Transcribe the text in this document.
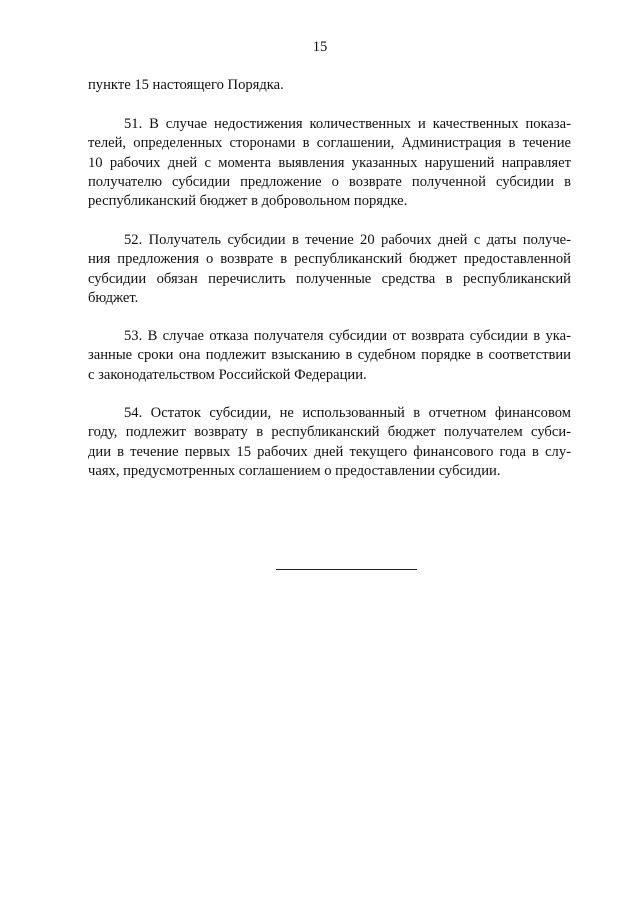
15
пункте 15 настоящего Порядка.
51. В случае недостижения количественных и качественных показа-
телей, определенных сторонами в соглашении, Администрация в течение
10 рабочих дней с момента выявления указанных нарушений направляет
получателю субсидии предложение о возврате полученной субсидии в
республиканский бюджет в добровольном порядке.
52. Получатель субсидии в течение 20 рабочих дней с даты получе-
ния предложения о возврате в республиканский бюджет предоставленной
субсидии обязан перечислить полученные средства в республиканский
бюджет.
53. В случае отказа получателя субсидии от возврата субсидии в ука-
занные сроки она подлежит взысканию в судебном порядке в соответствии
с законодательством Российской Федерации.
54. Остаток субсидии, не использованный в отчетном финансовом
году, подлежит возврату в республиканский бюджет получателем субси-
дии в течение первых 15 рабочих дней текущего финансового года в слу-
чаях, предусмотренных соглашением о предоставлении субсидии.
